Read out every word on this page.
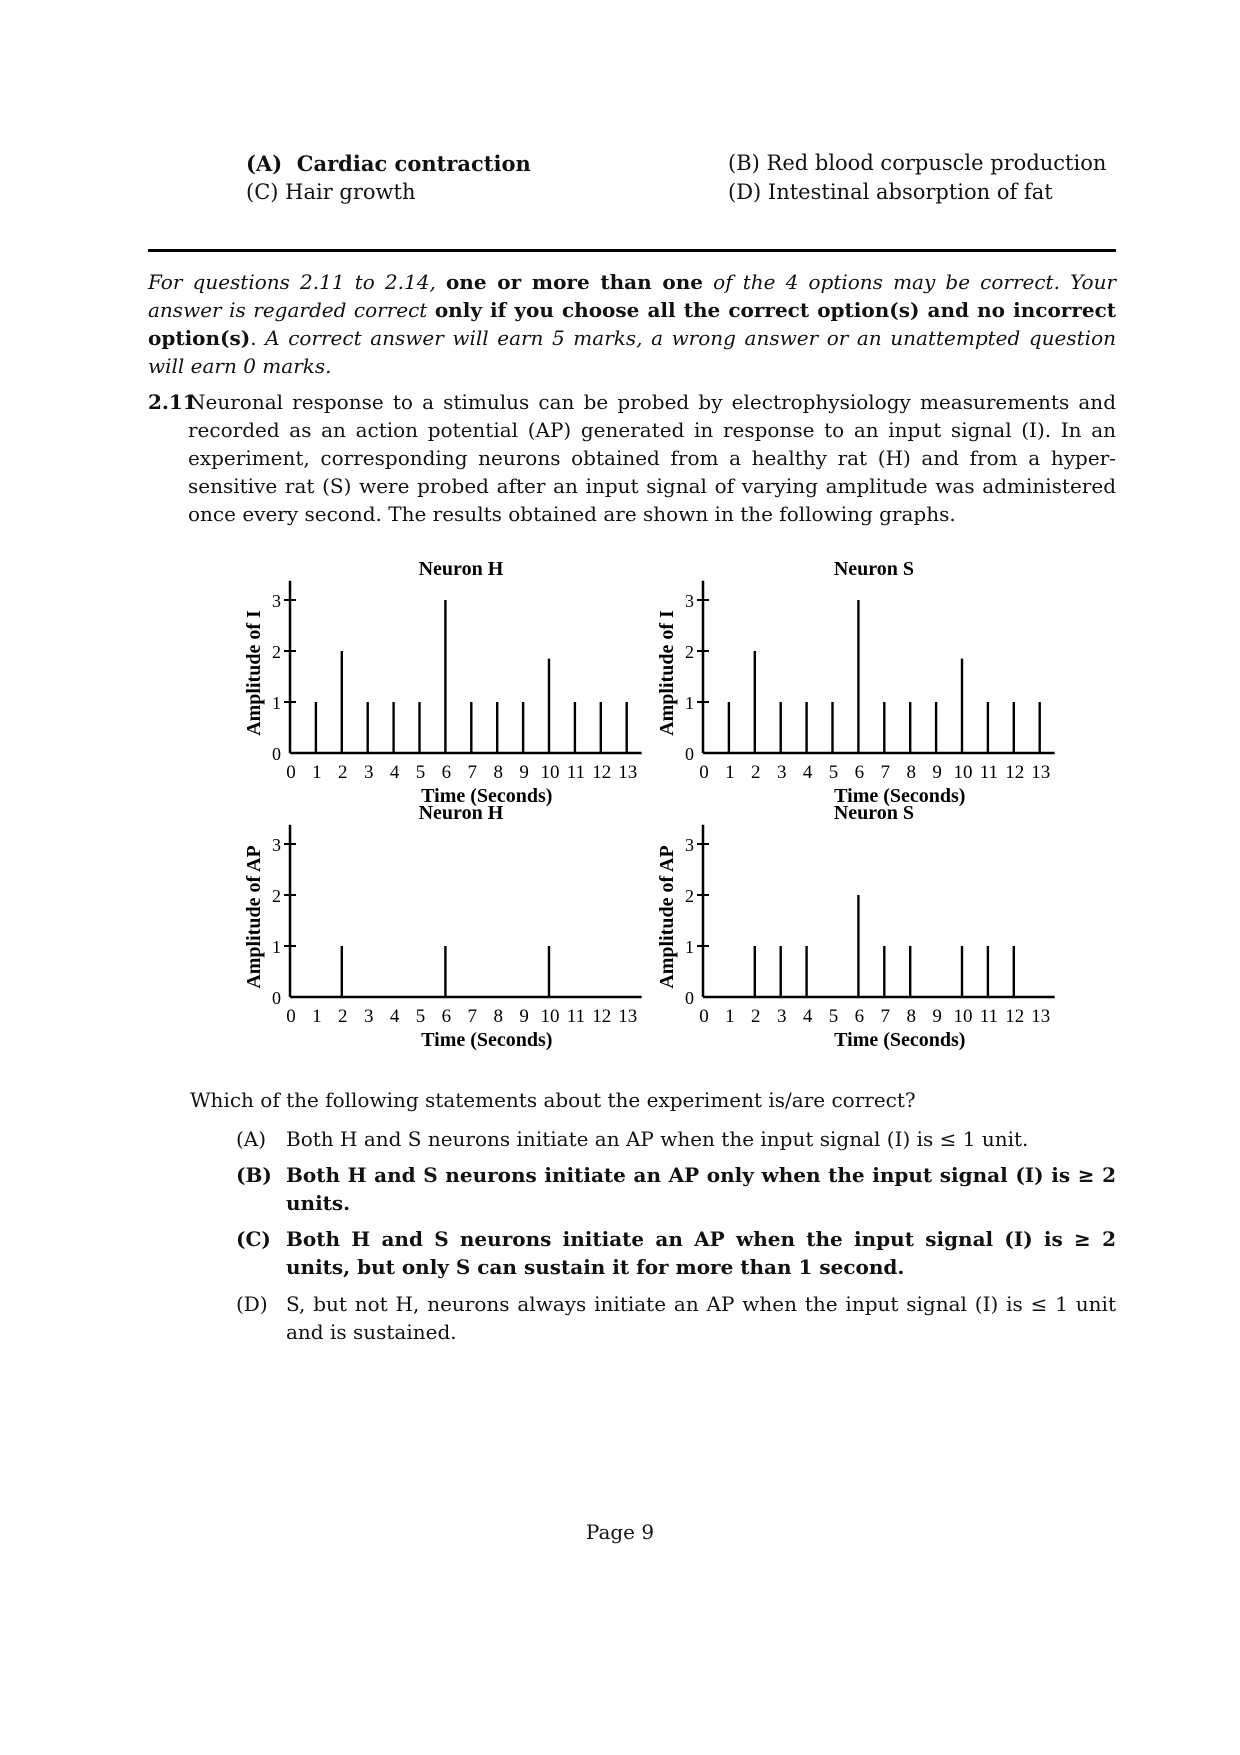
(A) Cardiac contraction	(B) Red blood corpuscle production
(C) Hair growth	(D) Intestinal absorption of fat
For questions 2.11 to 2.14, one or more than one of the 4 options may be correct. Your answer is regarded correct only if you choose all the correct option(s) and no incorrect option(s). A correct answer will earn 5 marks, a wrong answer or an unattempted question will earn 0 marks.
2.11
Neuronal response to a stimulus can be probed by electrophysiology measurements and recorded as an action potential (AP) generated in response to an input signal (I). In an experiment, corresponding neurons obtained from a healthy rat (H) and from a hyper-sensitive rat (S) were probed after an input signal of varying amplitude was administered once every second. The results obtained are shown in the following graphs.
0
1
2
3
0 1 2 3 4 5 6 7 8 9 10 11 12 13
Neuron H
Time (Seconds)
Amplitude of I
0
1
2
3
0 1 2 3 4 5 6 7 8 9 10 11 12 13
Neuron S
Time (Seconds)
Amplitude of I
0
1
2
3
0 1 2 3 4 5 6 7 8 9 10 11 12 13
Neuron H
Time (Seconds)
Amplitude of AP
0
1
2
3
0 1 2 3 4 5 6 7 8 9 10 11 12 13
Neuron S
Time (Seconds)
Amplitude of AP
Which of the following statements about the experiment is/are correct?
(A) Both H and S neurons initiate an AP when the input signal (I) is ≤ 1 unit.
(B) Both H and S neurons initiate an AP only when the input signal (I) is ≥ 2 units.
(C) Both H and S neurons initiate an AP when the input signal (I) is ≥ 2 units, but only S can sustain it for more than 1 second.
(D) S, but not H, neurons always initiate an AP when the input signal (I) is ≤ 1 unit and is sustained.
Page 9
